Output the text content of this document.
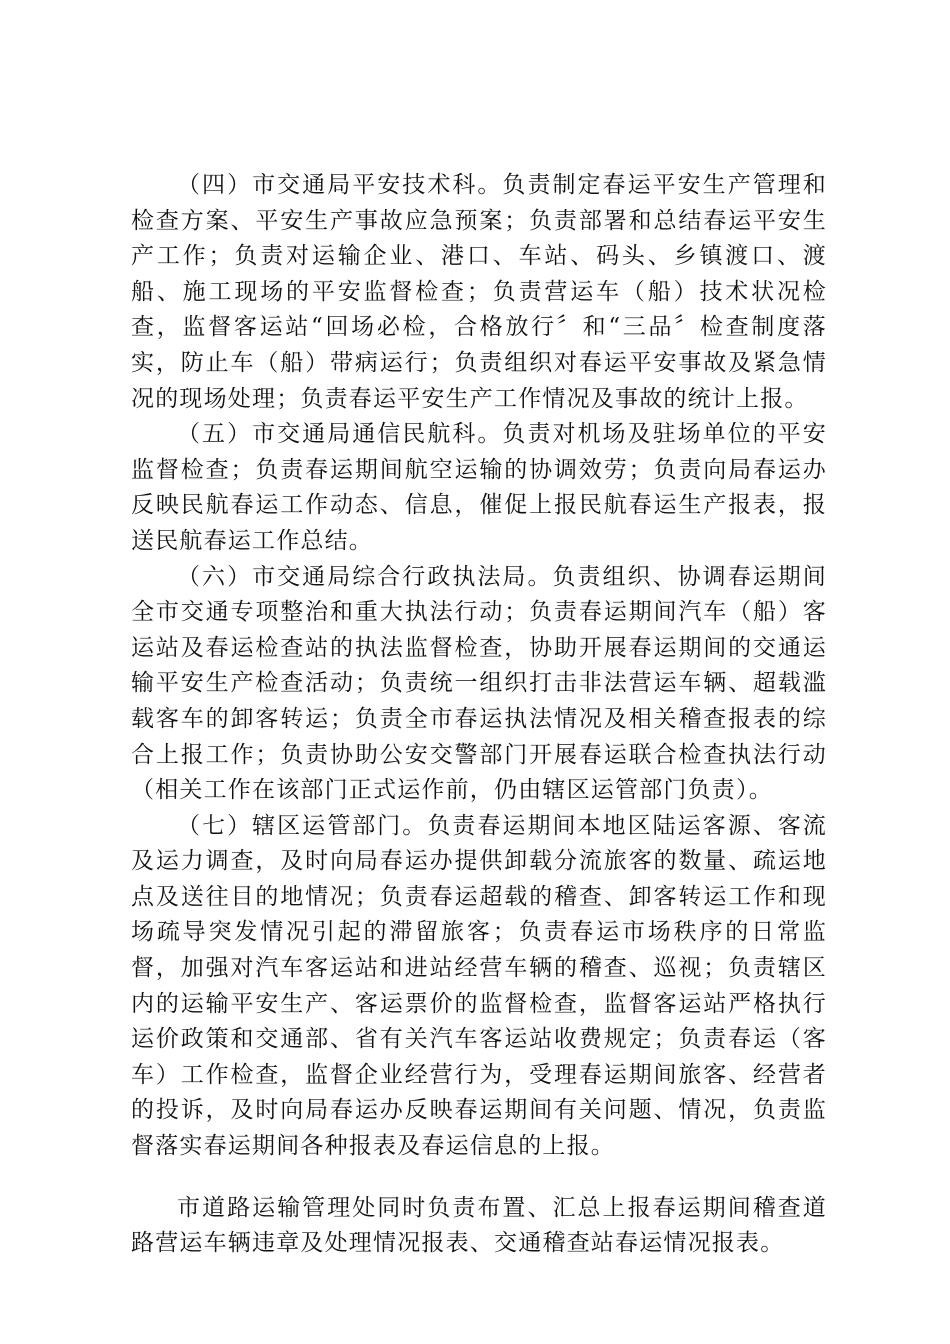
（四）市交通局平安技术科。负责制定春运平安生产管理和检查方案、平安生产事故应急预案；负责部署和总结春运平安生产工作；负责对运输企业、港口、车站、码头、乡镇渡口、渡船、施工现场的平安监督检查；负责营运车（船）技术状况检查，监督客运站“回场必检，合格放行〞和“三品〞检查制度落实，防止车（船）带病运行；负责组织对春运平安事故及紧急情况的现场处理；负责春运平安生产工作情况及事故的统计上报。

（五）市交通局通信民航科。负责对机场及驻场单位的平安监督检查；负责春运期间航空运输的协调效劳；负责向局春运办反映民航春运工作动态、信息，催促上报民航春运生产报表，报送民航春运工作总结。

（六）市交通局综合行政执法局。负责组织、协调春运期间全市交通专项整治和重大执法行动；负责春运期间汽车（船）客运站及春运检查站的执法监督检查，协助开展春运期间的交通运输平安生产检查活动；负责统一组织打击非法营运车辆、超载滥载客车的卸客转运；负责全市春运执法情况及相关稽查报表的综合上报工作；负责协助公安交警部门开展春运联合检查执法行动（相关工作在该部门正式运作前，仍由辖区运管部门负责）。

（七）辖区运管部门。负责春运期间本地区陆运客源、客流及运力调查，及时向局春运办提供卸载分流旅客的数量、疏运地点及送往目的地情况；负责春运超载的稽查、卸客转运工作和现场疏导突发情况引起的滞留旅客；负责春运市场秩序的日常监督，加强对汽车客运站和进站经营车辆的稽查、巡视；负责辖区内的运输平安生产、客运票价的监督检查，监督客运站严格执行运价政策和交通部、省有关汽车客运站收费规定；负责春运（客车）工作检查，监督企业经营行为，受理春运期间旅客、经营者的投诉，及时向局春运办反映春运期间有关问题、情况，负责监督落实春运期间各种报表及春运信息的上报。

市道路运输管理处同时负责布置、汇总上报春运期间稽查道路营运车辆违章及处理情况报表、交通稽查站春运情况报表。
